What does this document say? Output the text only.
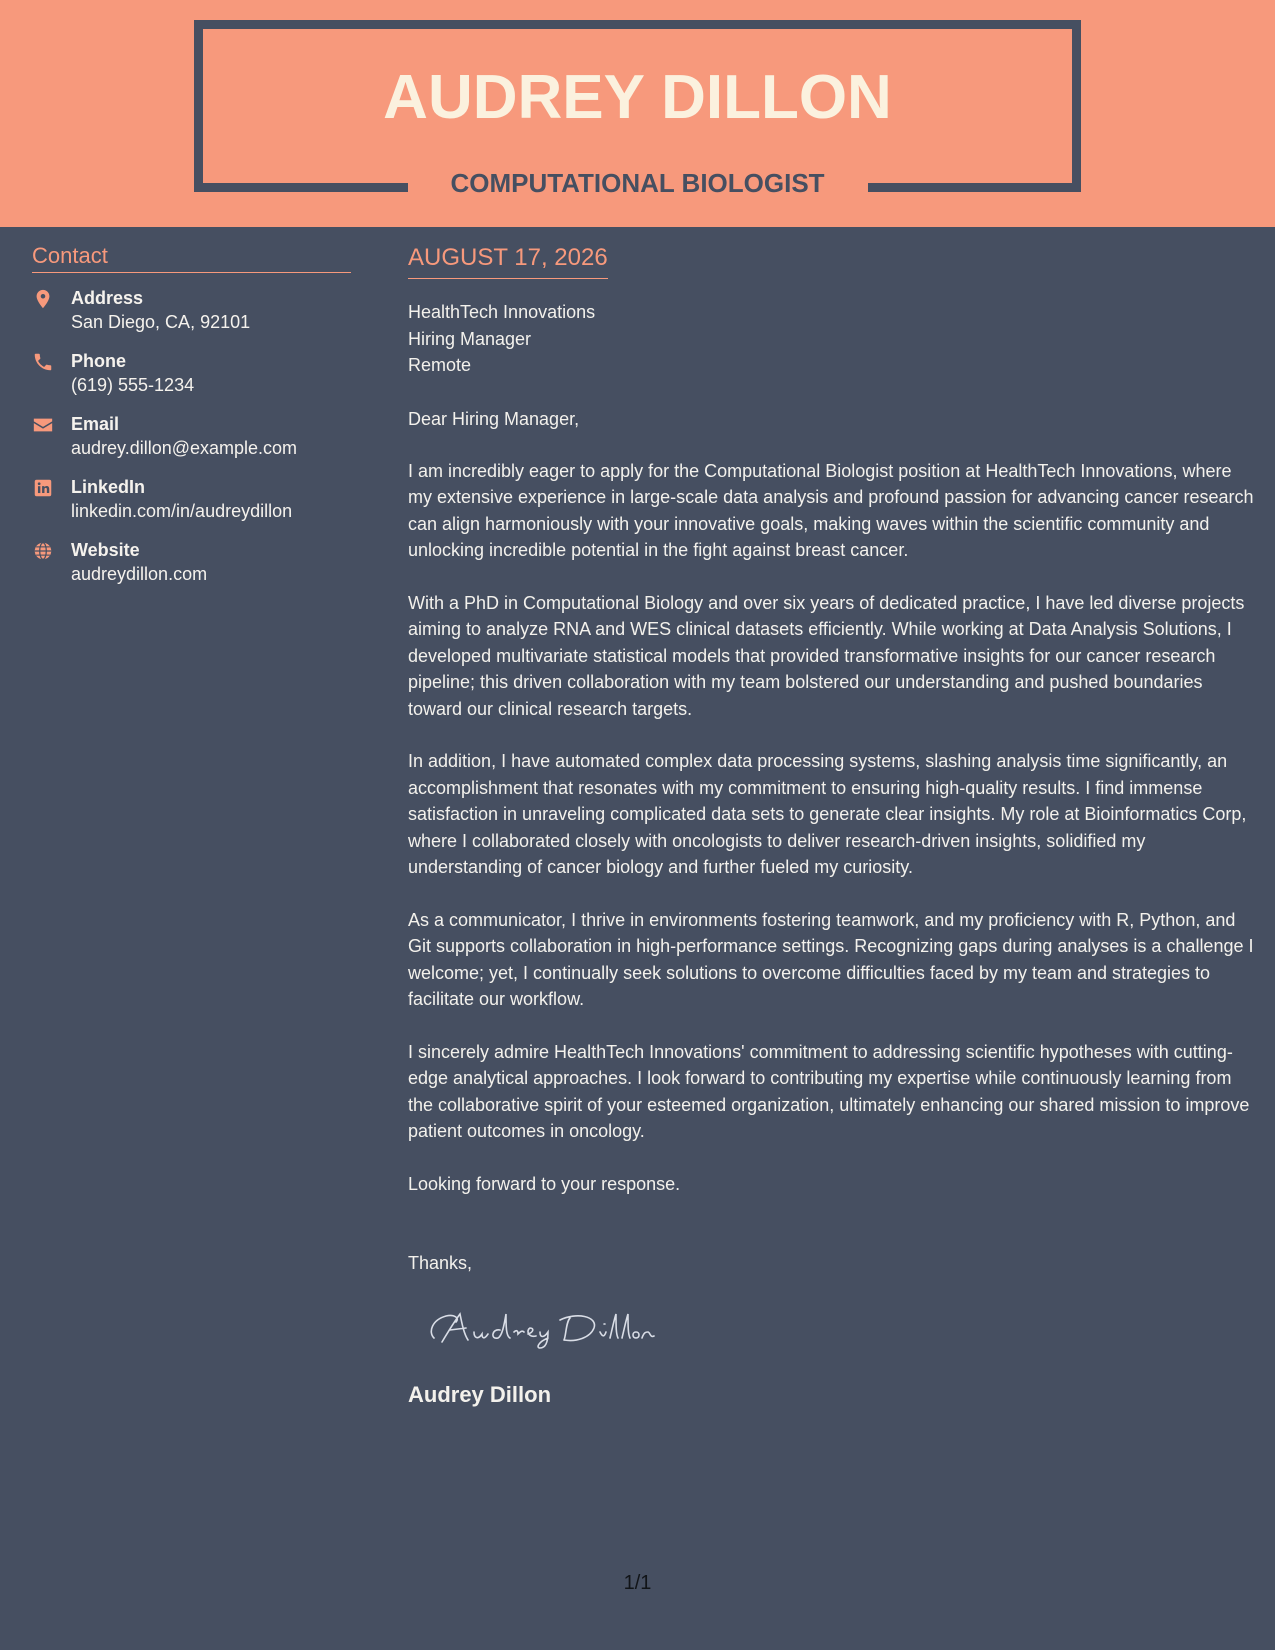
AUDREY DILLON
COMPUTATIONAL BIOLOGIST
Contact
Address
San Diego, CA, 92101
Phone
(619) 555-1234
Email
audrey.dillon@example.com
LinkedIn
linkedin.com/in/audreydillon
Website
audreydillon.com
AUGUST 17, 2026
HealthTech Innovations
Hiring Manager
Remote
Dear Hiring Manager,
I am incredibly eager to apply for the Computational Biologist position at HealthTech Innovations, where my extensive experience in large-scale data analysis and profound passion for advancing cancer research can align harmoniously with your innovative goals, making waves within the scientific community and unlocking incredible potential in the fight against breast cancer.
With a PhD in Computational Biology and over six years of dedicated practice, I have led diverse projects aiming to analyze RNA and WES clinical datasets efficiently. While working at Data Analysis Solutions, I developed multivariate statistical models that provided transformative insights for our cancer research pipeline; this driven collaboration with my team bolstered our understanding and pushed boundaries toward our clinical research targets.
In addition, I have automated complex data processing systems, slashing analysis time significantly, an accomplishment that resonates with my commitment to ensuring high-quality results. I find immense satisfaction in unraveling complicated data sets to generate clear insights. My role at Bioinformatics Corp, where I collaborated closely with oncologists to deliver research-driven insights, solidified my understanding of cancer biology and further fueled my curiosity.
As a communicator, I thrive in environments fostering teamwork, and my proficiency with R, Python, and Git supports collaboration in high-performance settings. Recognizing gaps during analyses is a challenge I welcome; yet, I continually seek solutions to overcome difficulties faced by my team and strategies to facilitate our workflow.
I sincerely admire HealthTech Innovations' commitment to addressing scientific hypotheses with cutting-edge analytical approaches. I look forward to contributing my expertise while continuously learning from the collaborative spirit of your esteemed organization, ultimately enhancing our shared mission to improve patient outcomes in oncology.
Looking forward to your response.
Thanks,
Audrey Dillon
1/1
